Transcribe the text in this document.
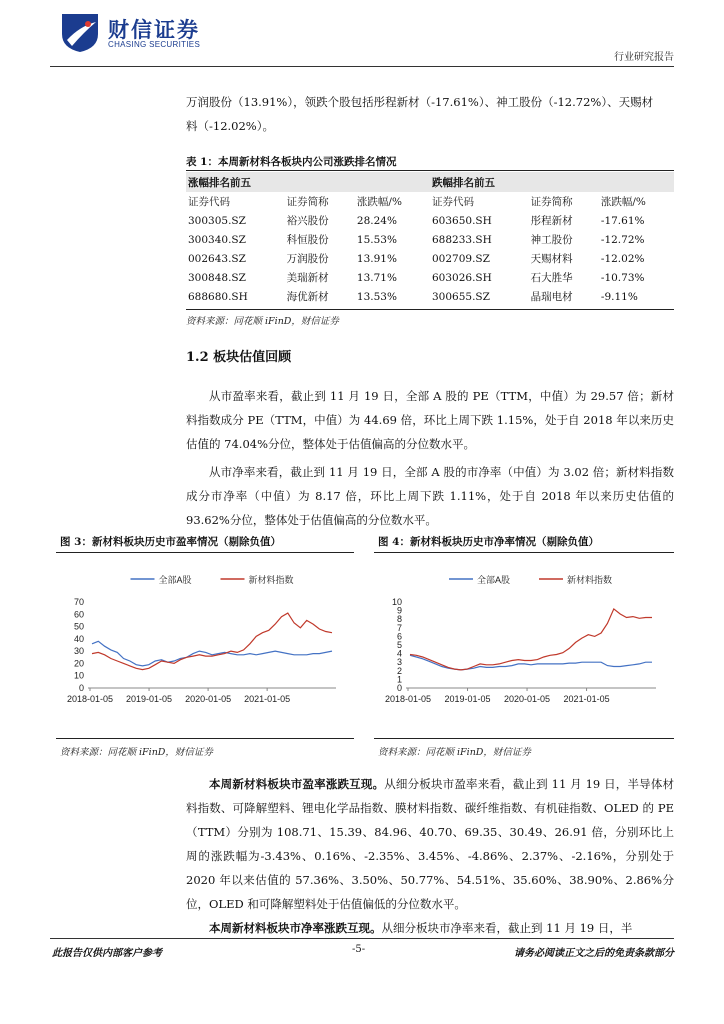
财信证券
CHASING SECURITIES
行业研究报告

万润股份（13.91%），领跌个股包括彤程新材（-17.61%）、神工股份（-12.72%）、天赐材

料（-12.02%）。

表 1：本周新材料各板块内公司涨跌排名情况
涨幅排名前五			跌幅排名前五		
证券代码	证券简称	涨跌幅/%	证券代码	证券简称	涨跌幅/%
300305.SZ	裕兴股份	28.24%	603650.SH	彤程新材	-17.61%
300340.SZ	科恒股份	15.53%	688233.SH	神工股份	-12.72%
002643.SZ	万润股份	13.91%	002709.SZ	天赐材料	-12.02%
300848.SZ	美瑞新材	13.71%	603026.SH	石大胜华	-10.73%
688680.SH	海优新材	13.53%	300655.SZ	晶瑞电材	-9.11%
资料来源：同花顺 iFinD，财信证券
1.2 板块估值回顾

从市盈率来看，截止到 11 月 19 日，全部 A 股的 PE（TTM，中值）为 29.57 倍；新材料指数成分 PE（TTM，中值）为 44.69 倍，环比上周下跌 1.15%，处于自 2018 年以来历史估值的 74.04%分位，整体处于估值偏高的分位数水平。

从市净率来看，截止到 11 月 19 日，全部 A 股的市净率（中值）为 3.02 倍；新材料指数成分市净率（中值）为 8.17 倍，环比上周下跌 1.11%，处于自 2018 年以来历史估值的 93.62%分位，整体处于估值偏高的分位数水平。

图 3：新材料板块历史市盈率情况（剔除负值）	图 4：新材料板块历史市净率情况（剔除负值）
全部A股	新材料指数
0
10
20
30
40
50
60
70
2018-01-05 2019-01-05 2020-01-05 2021-01-05
全部A股	新材料指数
0
1
2
3
4
5
6
7
8
9
10
2018-01-05 2019-01-05 2020-01-05 2021-01-05
资料来源：同花顺 iFinD，财信证券	资料来源：同花顺 iFinD，财信证券

本周新材料板块市盈率涨跌互现。从细分板块市盈率来看，截止到 11 月 19 日，半导体材料指数、可降解塑料、锂电化学品指数、膜材料指数、碳纤维指数、有机硅指数、OLED 的 PE（TTM）分别为 108.71、15.39、84.96、40.70、69.35、30.49、26.91 倍，分别环比上周的涨跌幅为-3.43%、0.16%、-2.35%、3.45%、-4.86%、2.37%、-2.16%，分别处于 2020 年以来估值的 57.36%、3.50%、50.77%、54.51%、35.60%、38.90%、2.86%分位，OLED 和可降解塑料处于估值偏低的分位数水平。

本周新材料板块市净率涨跌互现。从细分板块市净率来看，截止到 11 月 19 日，半

此报告仅供内部客户参考	-5-	请务必阅读正文之后的免责条款部分
